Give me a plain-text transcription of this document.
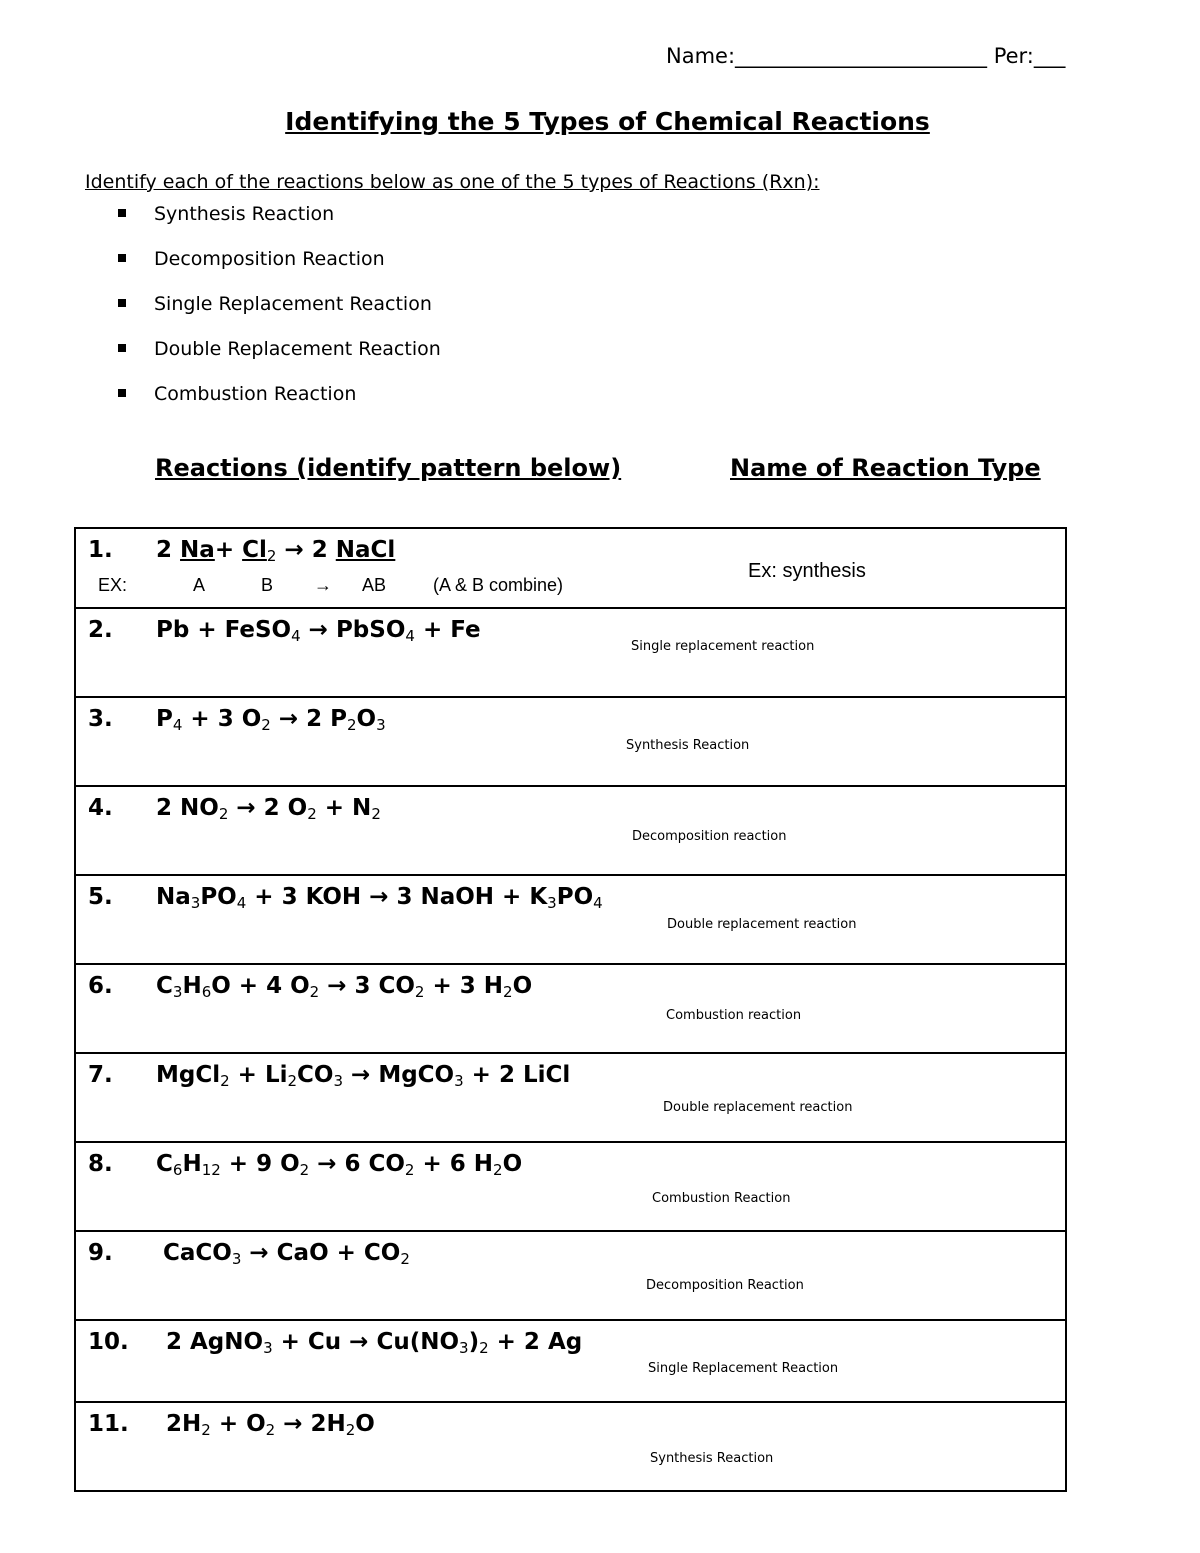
Name:________________________ Per:___
Identifying the 5 Types of Chemical Reactions
Identify each of the reactions below as one of the 5 types of Reactions (Rxn):
Synthesis Reaction
Decomposition Reaction
Single Replacement Reaction
Double Replacement Reaction
Combustion Reaction
Reactions (identify pattern below)	Name of Reaction Type
1. 2 $Na+ Cl_2 \to 2$ NaCl
EX:	A	B → AB	(A & B combine)
Ex: synthesis

2. Pb + FeSO$_4$ → PbSO$_4$ + Fe
Single replacement reaction

3. $P_4 + 3$ $O_2 \to 2$ $P_2O_3$
Synthesis Reaction

4. 2 $NO_2 \to 2$ $O_2 + N_2$
Decomposition reaction

5. $Na_3PO_4 + 3$ KOH → 3 NaOH + $K_3PO_4$
Double replacement reaction

6. $C_3H_6O + 4$ $O_2 \to 3$ $CO_2 + 3$ $H_2O$
Combustion reaction

7. MgCl$_2$ + $Li_2CO_3$ → MgCO$_3$ + 2 LiCl
Double replacement reaction

8. $C_6H_{12} + 9$ $O_2 \to 6$ $CO_2 + 6$ $H_2O$
Combustion Reaction

9. CaCO$_3$ → CaO + $CO_2$
Decomposition Reaction

10. 2 AgNO$_3$ + $Cu \to Cu(NO_3)_2 + 2$ Ag
Single Replacement Reaction

11. $2H_2 + O_2 \to 2H_2O$
Synthesis Reaction
